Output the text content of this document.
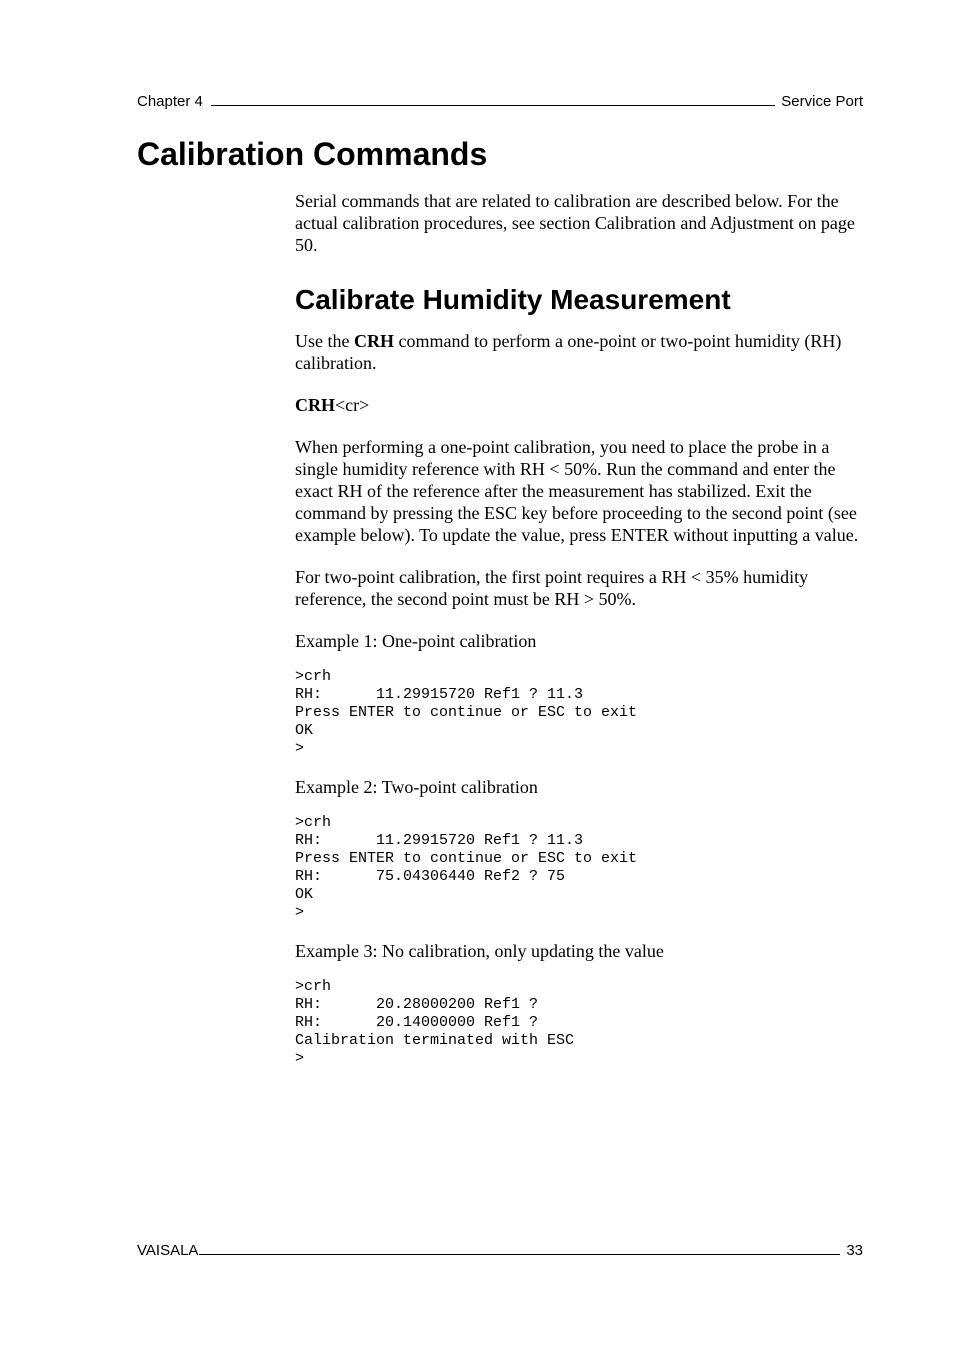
Chapter 4	Service Port
Calibration Commands

Serial commands that are related to calibration are described below. For the actual calibration procedures, see section Calibration and Adjustment on page 50.

Calibrate Humidity Measurement

Use the CRH command to perform a one-point or two-point humidity (RH) calibration.

CRH<cr>

When performing a one-point calibration, you need to place the probe in a single humidity reference with RH < 50%. Run the command and enter the exact RH of the reference after the measurement has stabilized. Exit the command by pressing the ESC key before proceeding to the second point (see example below). To update the value, press ENTER without inputting a value.

For two-point calibration, the first point requires a RH < 35% humidity reference, the second point must be RH > 50%.

Example 1: One-point calibration

>crh
RH:      11.29915720 Ref1 ? 11.3
Press ENTER to continue or ESC to exit
OK
>

Example 2: Two-point calibration

>crh
RH:      11.29915720 Ref1 ? 11.3
Press ENTER to continue or ESC to exit
RH:      75.04306440 Ref2 ? 75
OK
>

Example 3: No calibration, only updating the value

>crh
RH:      20.28000200 Ref1 ?
RH:      20.14000000 Ref1 ?
Calibration terminated with ESC
>
VAISALA	33
